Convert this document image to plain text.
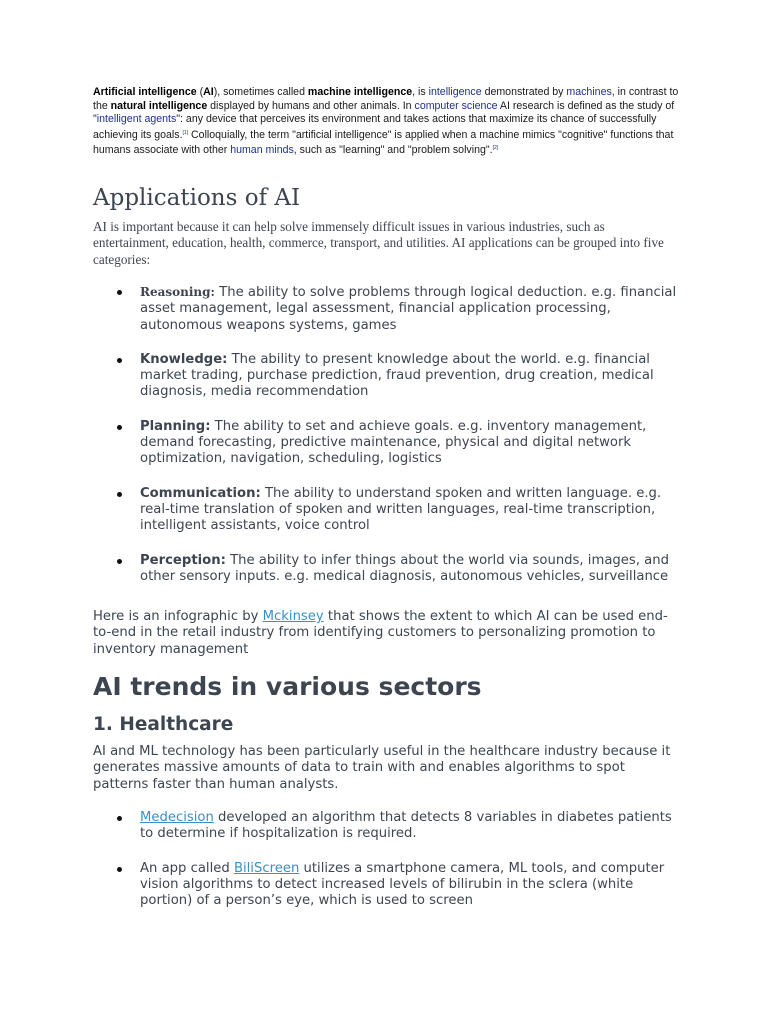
Artificial intelligence (AI), sometimes called machine intelligence, is intelligence demonstrated by machines, in contrast to the natural intelligence displayed by humans and other animals. In computer science AI research is defined as the study of "intelligent agents": any device that perceives its environment and takes actions that maximize its chance of successfully achieving its goals.[1] Colloquially, the term "artificial intelligence" is applied when a machine mimics "cognitive" functions that humans associate with other human minds, such as "learning" and "problem solving".[2]

Applications of AI

AI is important because it can help solve immensely difficult issues in various industries, such as entertainment, education, health, commerce, transport, and utilities. AI applications can be grouped into five categories:

Reasoning: The ability to solve problems through logical deduction. e.g. financial asset management, legal assessment, financial application processing, autonomous weapons systems, games
Knowledge: The ability to present knowledge about the world. e.g. financial market trading, purchase prediction, fraud prevention, drug creation, medical diagnosis, media recommendation
Planning: The ability to set and achieve goals. e.g. inventory management, demand forecasting, predictive maintenance, physical and digital network optimization, navigation, scheduling, logistics
Communication: The ability to understand spoken and written language. e.g. real-time translation of spoken and written languages, real-time transcription, intelligent assistants, voice control
Perception: The ability to infer things about the world via sounds, images, and other sensory inputs. e.g. medical diagnosis, autonomous vehicles, surveillance

Here is an infographic by Mckinsey that shows the extent to which AI can be used end-to-end in the retail industry from identifying customers to personalizing promotion to inventory management

AI trends in various sectors
1. Healthcare

AI and ML technology has been particularly useful in the healthcare industry because it generates massive amounts of data to train with and enables algorithms to spot patterns faster than human analysts.

Medecision developed an algorithm that detects 8 variables in diabetes patients to determine if hospitalization is required.
An app called BiliScreen utilizes a smartphone camera, ML tools, and computer vision algorithms to detect increased levels of bilirubin in the sclera (white portion) of a person’s eye, which is used to screen
